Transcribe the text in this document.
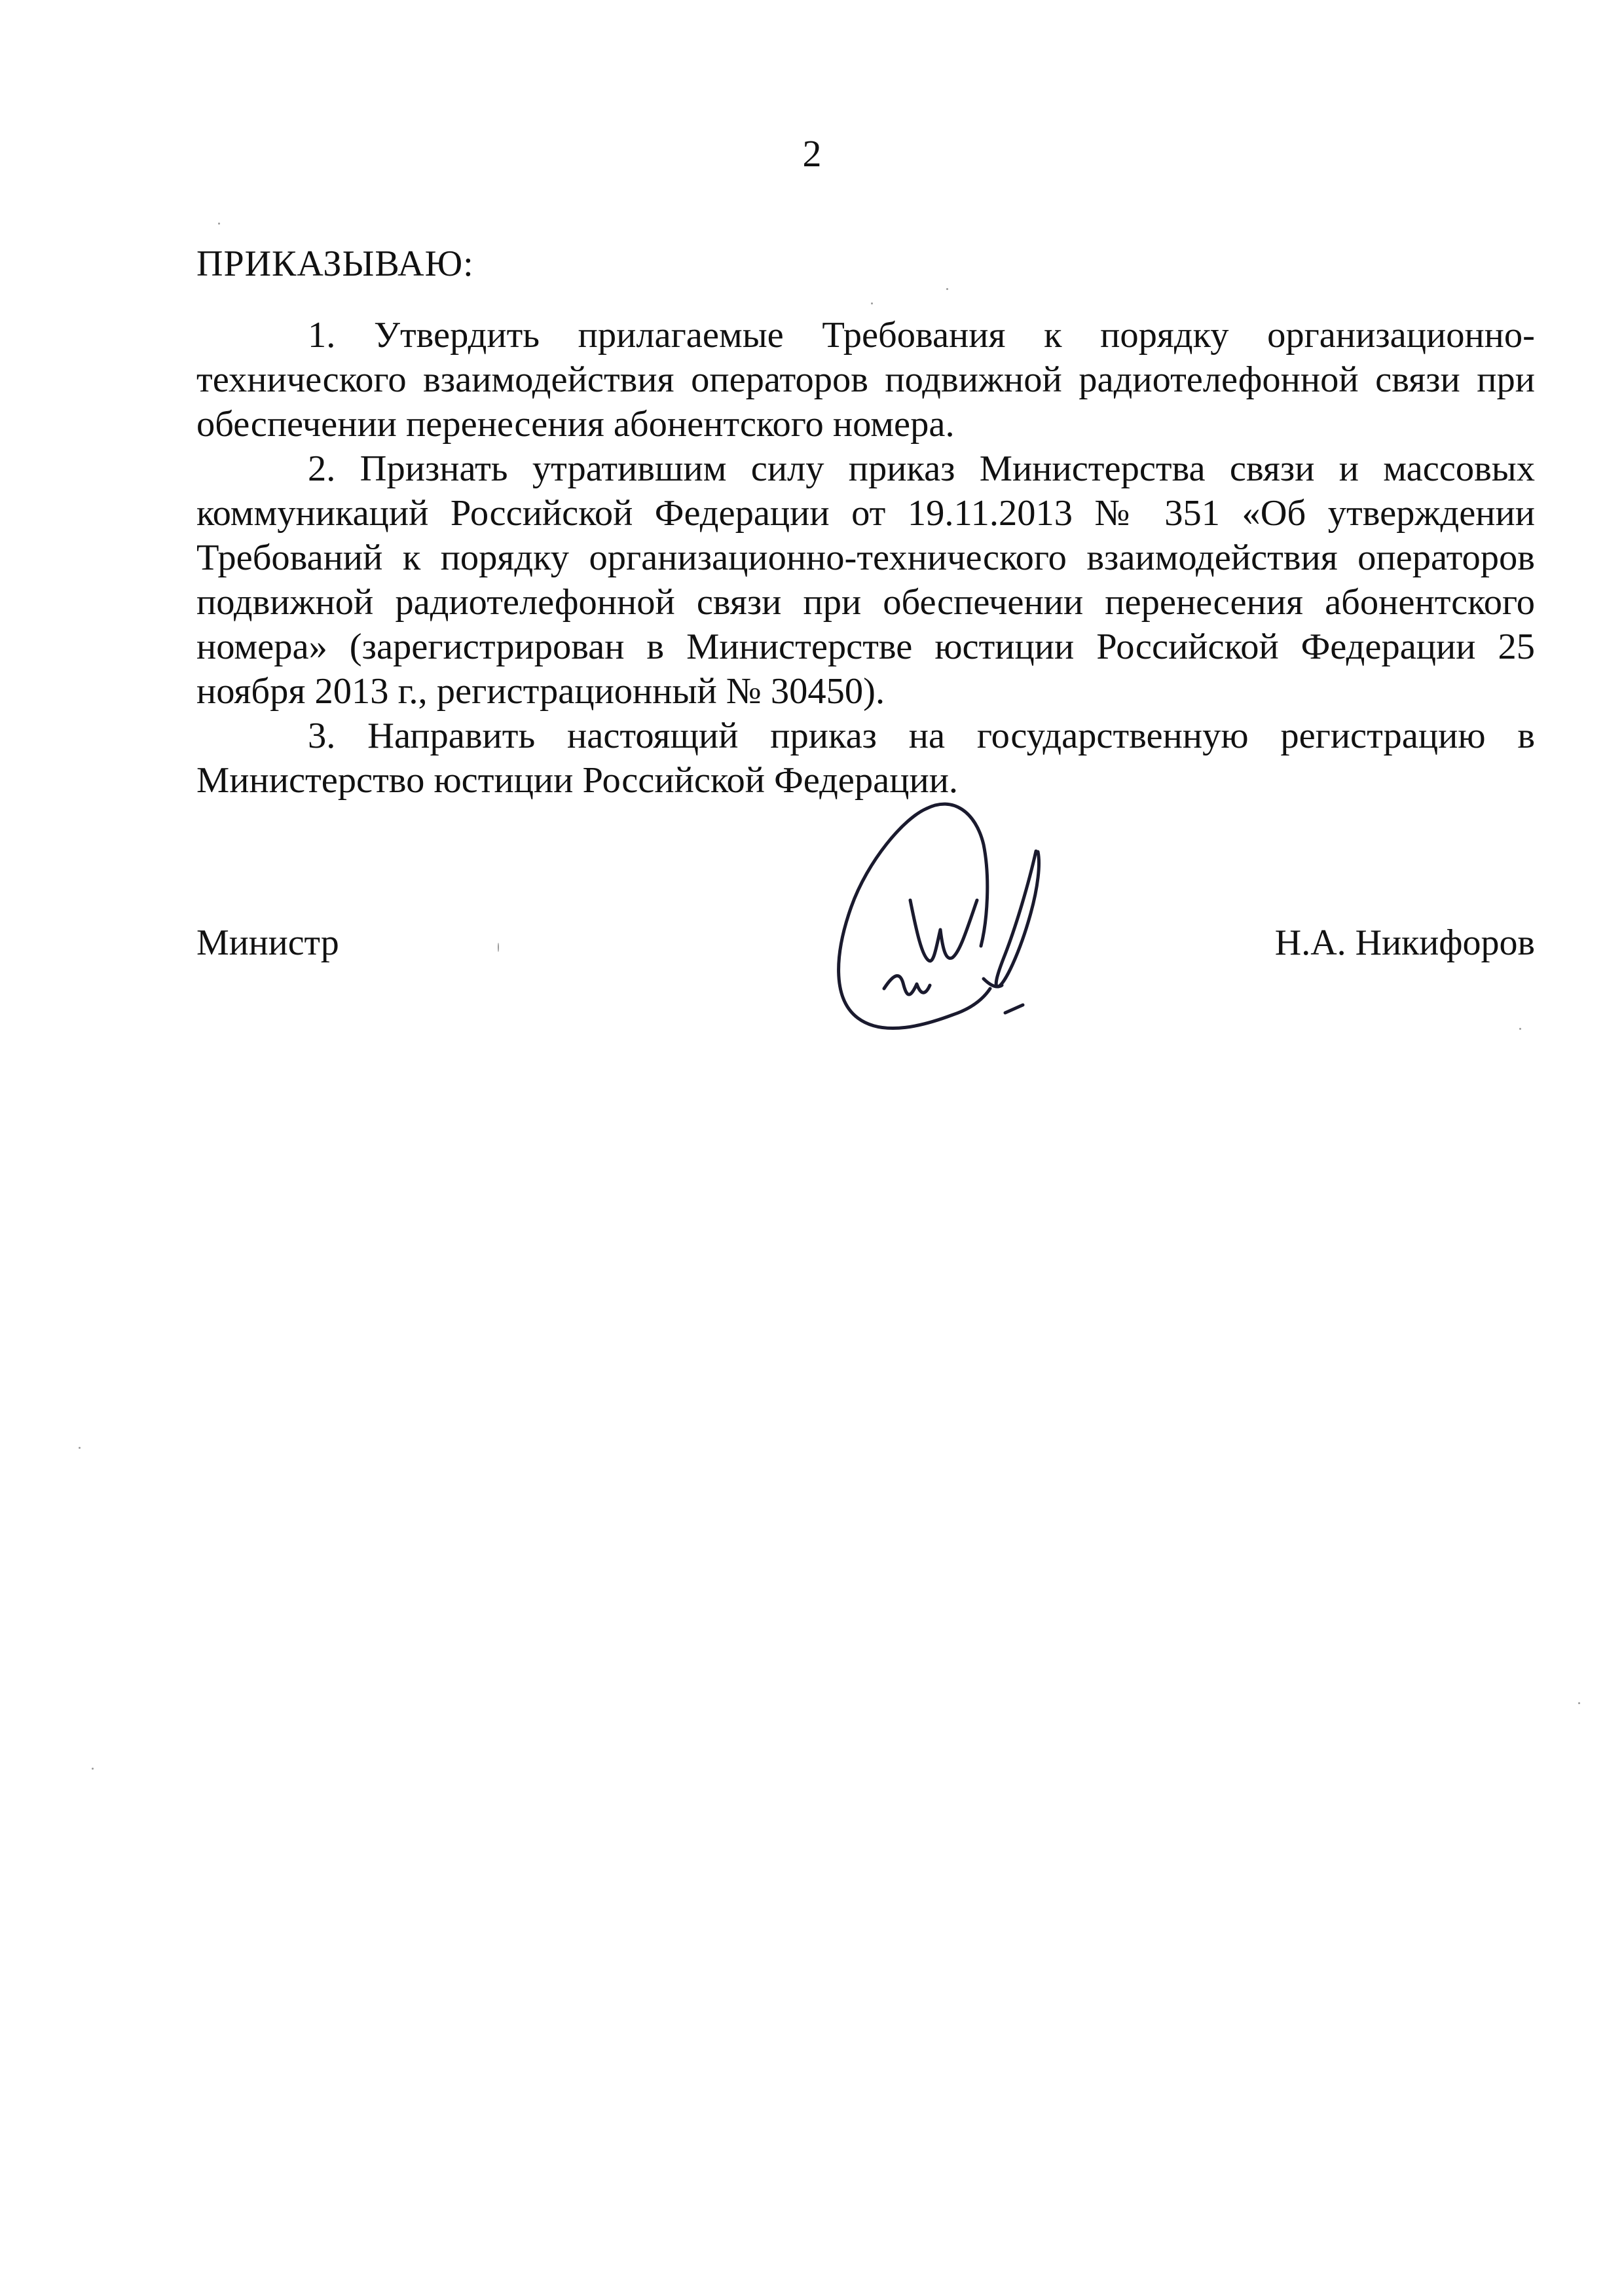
2
ПРИКАЗЫВАЮ:

1. Утвердить прилагаемые Требования к порядку организационно-технического взаимодействия операторов подвижной радиотелефонной связи при обеспечении перенесения абонентского номера.

2. Признать утратившим силу приказ Министерства связи и массовых коммуникаций Российской Федерации от 19.11.2013 № 351 «Об утверждении Требований к порядку организационно-технического взаимодействия операторов подвижной радиотелефонной связи при обеспечении перенесения абонентского номера» (зарегистрирован в Министерстве юстиции Российской Федерации 25 ноября 2013 г., регистрационный № 30450).

3. Направить настоящий приказ на государственную регистрацию в Министерство юстиции Российской Федерации.

Министр	Н.А. Никифоров
